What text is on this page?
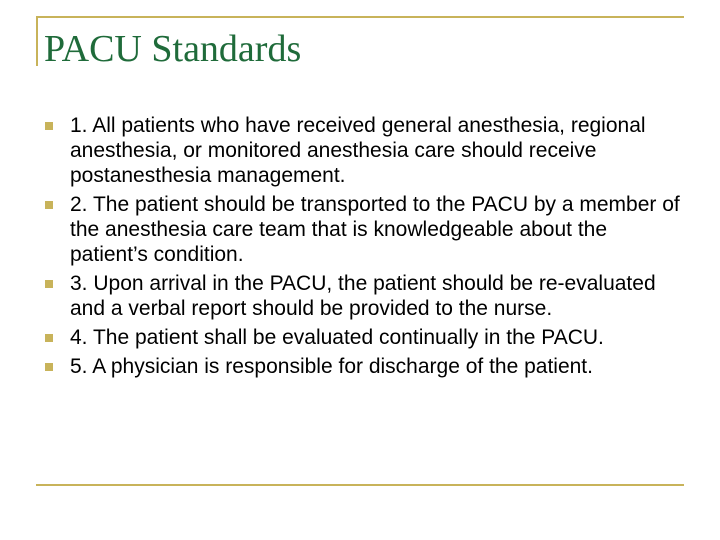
PACU Standards
1. All patients who have received general anesthesia, regional anesthesia, or monitored anesthesia care should receive postanesthesia management.
2. The patient should be transported to the PACU by a member of the anesthesia care team that is knowledgeable about the patient’s condition.
3. Upon arrival in the PACU, the patient should be re-evaluated and a verbal report should be provided to the nurse.
4. The patient shall be evaluated continually in the PACU.
5. A physician is responsible for discharge of the patient.
